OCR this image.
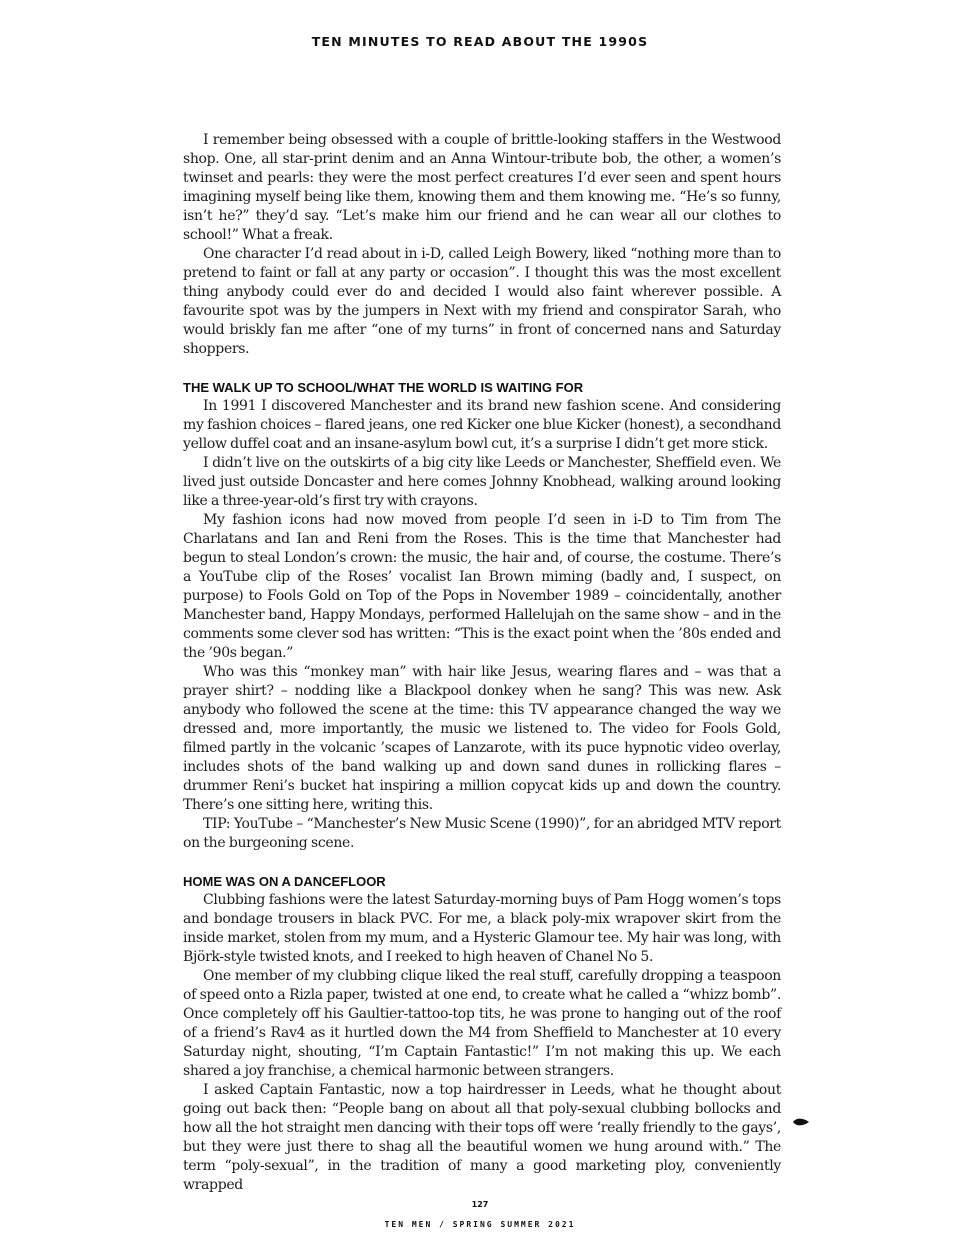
TEN MINUTES TO READ ABOUT THE 1990S

I remember being obsessed with a couple of brittle-looking staffers in the Westwood shop. One, all star-print denim and an Anna Wintour-tribute bob, the other, a women’s twinset and pearls: they were the most perfect creatures I’d ever seen and spent hours imagining myself being like them, knowing them and them knowing me. “He’s so funny, isn’t he?” they’d say. “Let’s make him our friend and he can wear all our clothes to school!” What a freak.

One character I’d read about in i-D, called Leigh Bowery, liked “nothing more than to pretend to faint or fall at any party or occasion”. I thought this was the most excellent thing anybody could ever do and decided I would also faint wherever possible. A favourite spot was by the jumpers in Next with my friend and conspirator Sarah, who would briskly fan me after “one of my turns” in front of concerned nans and Saturday shoppers.

THE WALK UP TO SCHOOL/WHAT THE WORLD IS WAITING FOR

In 1991 I discovered Manchester and its brand new fashion scene. And considering my fashion choices – flared jeans, one red Kicker one blue Kicker (honest), a secondhand yellow duffel coat and an insane-asylum bowl cut, it’s a surprise I didn’t get more stick.

I didn’t live on the outskirts of a big city like Leeds or Manchester, Sheffield even. We lived just outside Doncaster and here comes Johnny Knobhead, walking around looking like a three-year-old’s first try with crayons.

My fashion icons had now moved from people I’d seen in i-D to Tim from The Charlatans and Ian and Reni from the Roses. This is the time that Manchester had begun to steal London’s crown: the music, the hair and, of course, the costume. There’s a YouTube clip of the Roses’ vocalist Ian Brown miming (badly and, I suspect, on purpose) to Fools Gold on Top of the Pops in November 1989 – coincidentally, another Manchester band, Happy Mondays, performed Hallelujah on the same show – and in the comments some clever sod has written: “This is the exact point when the ’80s ended and the ’90s began.”

Who was this “monkey man” with hair like Jesus, wearing flares and – was that a prayer shirt? – nodding like a Blackpool donkey when he sang? This was new. Ask anybody who followed the scene at the time: this TV appearance changed the way we dressed and, more importantly, the music we listened to. The video for Fools Gold, filmed partly in the volcanic ’scapes of Lanzarote, with its puce hypnotic video overlay, includes shots of the band walking up and down sand dunes in rollicking flares – drummer Reni’s bucket hat inspiring a million copycat kids up and down the country. There’s one sitting here, writing this.

TIP: YouTube – “Manchester’s New Music Scene (1990)”, for an abridged MTV report on the burgeoning scene.

HOME WAS ON A DANCEFLOOR

Clubbing fashions were the latest Saturday-morning buys of Pam Hogg women’s tops and bondage trousers in black PVC. For me, a black poly-mix wrapover skirt from the inside market, stolen from my mum, and a Hysteric Glamour tee. My hair was long, with Björk-style twisted knots, and I reeked to high heaven of Chanel No 5.

One member of my clubbing clique liked the real stuff, carefully dropping a teaspoon of speed onto a Rizla paper, twisted at one end, to create what he called a “whizz bomb”. Once completely off his Gaultier-tattoo-top tits, he was prone to hanging out of the roof of a friend’s Rav4 as it hurtled down the M4 from Sheffield to Manchester at 10 every Saturday night, shouting, “I’m Captain Fantastic!” I’m not making this up. We each shared a joy franchise, a chemical harmonic between strangers.

I asked Captain Fantastic, now a top hairdresser in Leeds, what he thought about going out back then: “People bang on about all that poly-sexual clubbing bollocks and how all the hot straight men dancing with their tops off were ‘really friendly to the gays’, but they were just there to shag all the beautiful women we hung around with.” The term “poly-sexual”, in the tradition of many a good marketing ploy, conveniently wrapped

127
TEN MEN / SPRING SUMMER 2021
